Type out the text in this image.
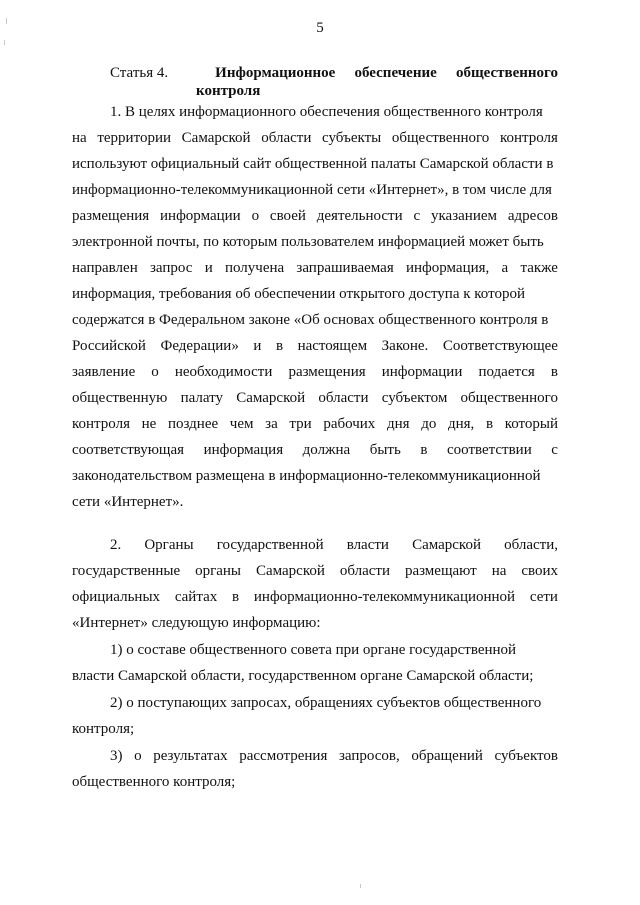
5
Статья 4.	Информационное обеспечение общественного
контроля
1. В целях информационного обеспечения общественного контроля
на территории Самарской области субъекты общественного контроля
используют официальный сайт общественной палаты Самарской области в
информационно-телекоммуникационной сети «Интернет», в том числе для
размещения информации о своей деятельности с указанием адресов
электронной почты, по которым пользователем информацией может быть
направлен запрос и получена запрашиваемая информация, а также
информация, требования об обеспечении открытого доступа к которой
содержатся в Федеральном законе «Об основах общественного контроля в
Российской Федерации» и в настоящем Законе. Соответствующее
заявление о необходимости размещения информации подается в
общественную палату Самарской области субъектом общественного
контроля не позднее чем за три рабочих дня до дня, в который
соответствующая информация должна быть в соответствии с
законодательством размещена в информационно-телекоммуникационной
сети «Интернет».
2. Органы государственной власти Самарской области,
государственные органы Самарской области размещают на своих
официальных сайтах в информационно-телекоммуникационной сети
«Интернет» следующую информацию:
1) о составе общественного совета при органе государственной
власти Самарской области, государственном органе Самарской области;
2) о поступающих запросах, обращениях субъектов общественного
контроля;
3) о результатах рассмотрения запросов, обращений субъектов
общественного контроля;
